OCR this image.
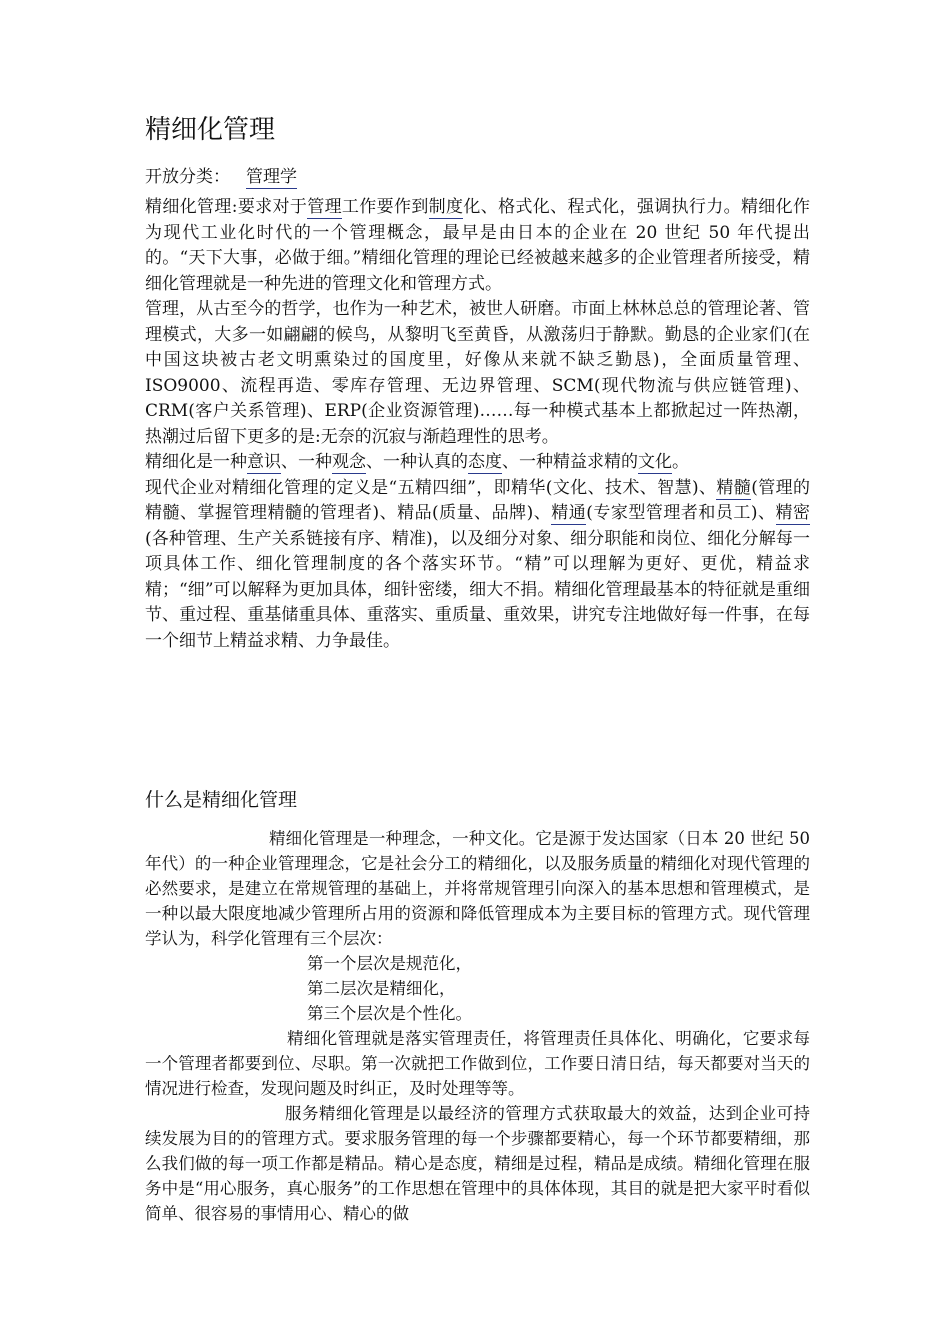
精细化管理
开放分类： 管理学

精细化管理:要求对于管理工作要作到制度化、格式化、程式化，强调执行力。精细化作为现代工业化时代的一个管理概念，最早是由日本的企业在 20 世纪 50 年代提出的。“天下大事，必做于细。”精细化管理的理论已经被越来越多的企业管理者所接受，精细化管理就是一种先进的管理文化和管理方式。

管理，从古至今的哲学，也作为一种艺术，被世人研磨。市面上林林总总的管理论著、管理模式，大多一如翩翩的候鸟，从黎明飞至黄昏，从激荡归于静默。勤恳的企业家们(在中国这块被古老文明熏染过的国度里，好像从来就不缺乏勤恳)，全面质量管理、ISO9000、流程再造、零库存管理、无边界管理、SCM(现代物流与供应链管理)、CRM(客户关系管理)、ERP(企业资源管理)……每一种模式基本上都掀起过一阵热潮，热潮过后留下更多的是:无奈的沉寂与渐趋理性的思考。

精细化是一种意识、一种观念、一种认真的态度、一种精益求精的文化。

现代企业对精细化管理的定义是“五精四细”，即精华(文化、技术、智慧)、精髓(管理的精髓、掌握管理精髓的管理者)、精品(质量、品牌)、精通(专家型管理者和员工)、精密(各种管理、生产关系链接有序、精准)，以及细分对象、细分职能和岗位、细化分解每一项具体工作、细化管理制度的各个落实环节。“精”可以理解为更好、更优，精益求精；“细”可以解释为更加具体，细针密缕，细大不捐。精细化管理最基本的特征就是重细节、重过程、重基储重具体、重落实、重质量、重效果，讲究专注地做好每一件事，在每一个细节上精益求精、力争最佳。

什么是精细化管理

精细化管理是一种理念，一种文化。它是源于发达国家（日本 20 世纪 50 年代）的一种企业管理理念，它是社会分工的精细化，以及服务质量的精细化对现代管理的必然要求，是建立在常规管理的基础上，并将常规管理引向深入的基本思想和管理模式，是一种以最大限度地减少管理所占用的资源和降低管理成本为主要目标的管理方式。现代管理学认为，科学化管理有三个层次：

第一个层次是规范化，

第二层次是精细化，

第三个层次是个性化。

精细化管理就是落实管理责任，将管理责任具体化、明确化，它要求每一个管理者都要到位、尽职。第一次就把工作做到位，工作要日清日结，每天都要对当天的情况进行检查，发现问题及时纠正，及时处理等等。

服务精细化管理是以最经济的管理方式获取最大的效益，达到企业可持续发展为目的的管理方式。要求服务管理的每一个步骤都要精心，每一个环节都要精细，那么我们做的每一项工作都是精品。精心是态度，精细是过程，精品是成绩。精细化管理在服务中是“用心服务，真心服务”的工作思想在管理中的具体体现，其目的就是把大家平时看似简单、很容易的事情用心、精心的做
